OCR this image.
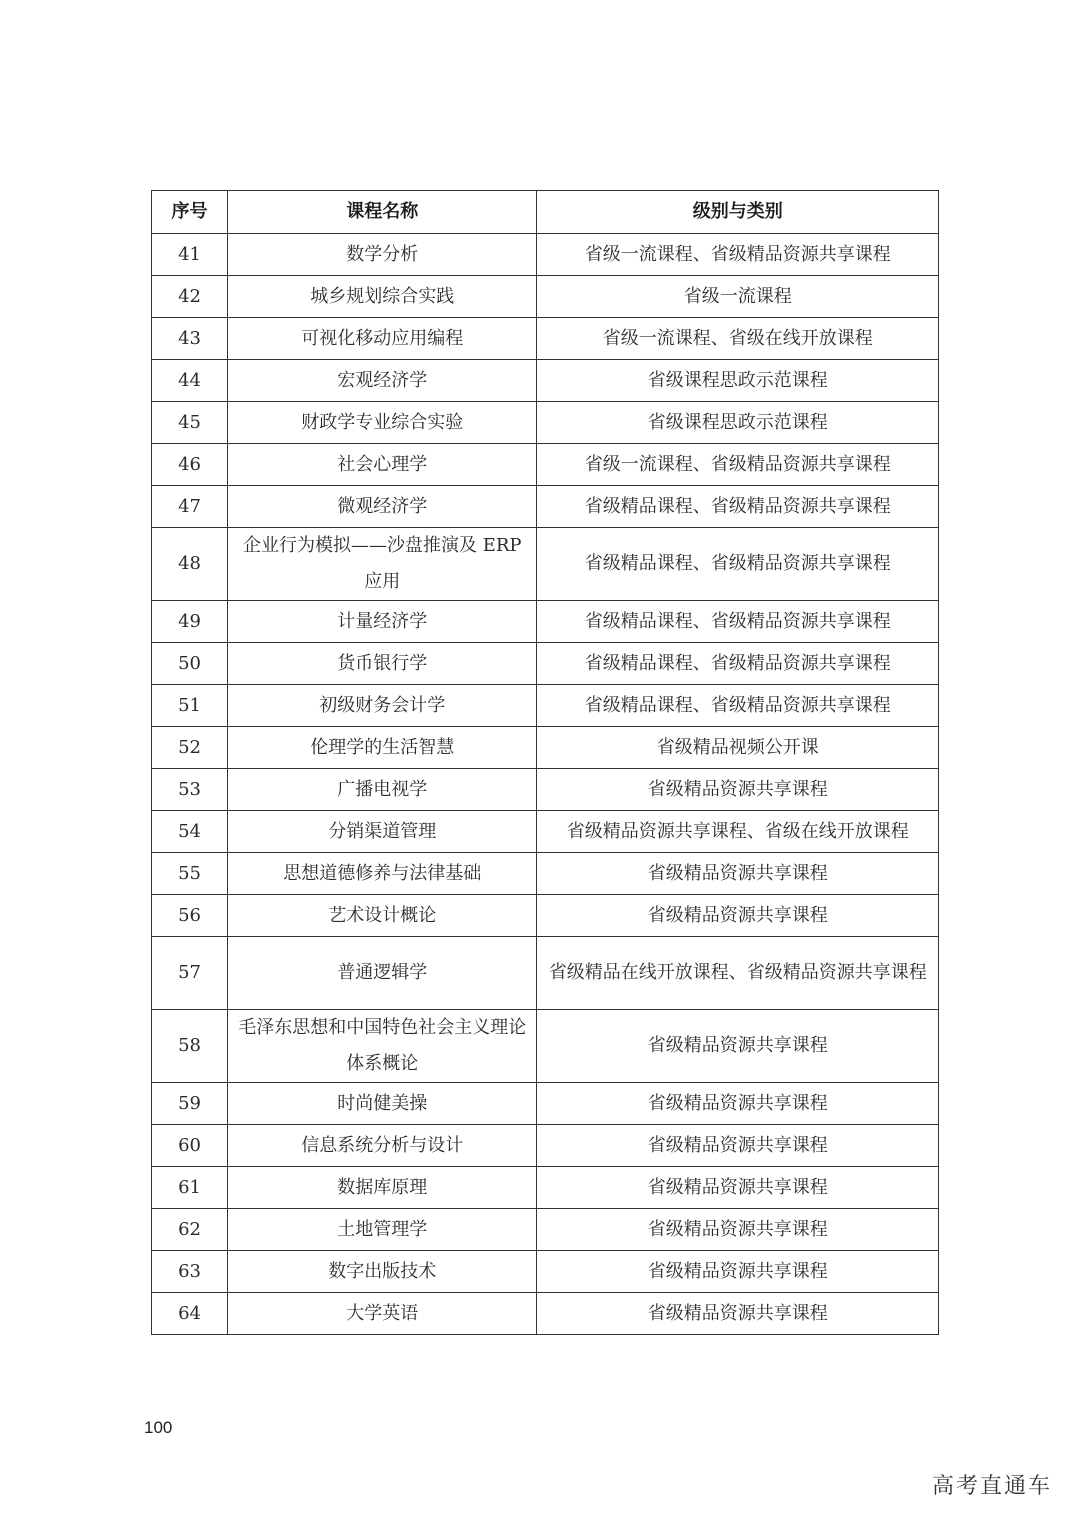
序号	课程名称	级别与类别
41	数学分析	省级一流课程、省级精品资源共享课程
42	城乡规划综合实践	省级一流课程
43	可视化移动应用编程	省级一流课程、省级在线开放课程
44	宏观经济学	省级课程思政示范课程
45	财政学专业综合实验	省级课程思政示范课程
46	社会心理学	省级一流课程、省级精品资源共享课程
47	微观经济学	省级精品课程、省级精品资源共享课程
48	企业行为模拟——沙盘推演及 ERP 应用	省级精品课程、省级精品资源共享课程
49	计量经济学	省级精品课程、省级精品资源共享课程
50	货币银行学	省级精品课程、省级精品资源共享课程
51	初级财务会计学	省级精品课程、省级精品资源共享课程
52	伦理学的生活智慧	省级精品视频公开课
53	广播电视学	省级精品资源共享课程
54	分销渠道管理	省级精品资源共享课程、省级在线开放课程
55	思想道德修养与法律基础	省级精品资源共享课程
56	艺术设计概论	省级精品资源共享课程
57	普通逻辑学	省级精品在线开放课程、省级精品资源共享课程
58	毛泽东思想和中国特色社会主义理论体系概论	省级精品资源共享课程
59	时尚健美操	省级精品资源共享课程
60	信息系统分析与设计	省级精品资源共享课程
61	数据库原理	省级精品资源共享课程
62	土地管理学	省级精品资源共享课程
63	数字出版技术	省级精品资源共享课程
64	大学英语	省级精品资源共享课程
100
高考直通车
